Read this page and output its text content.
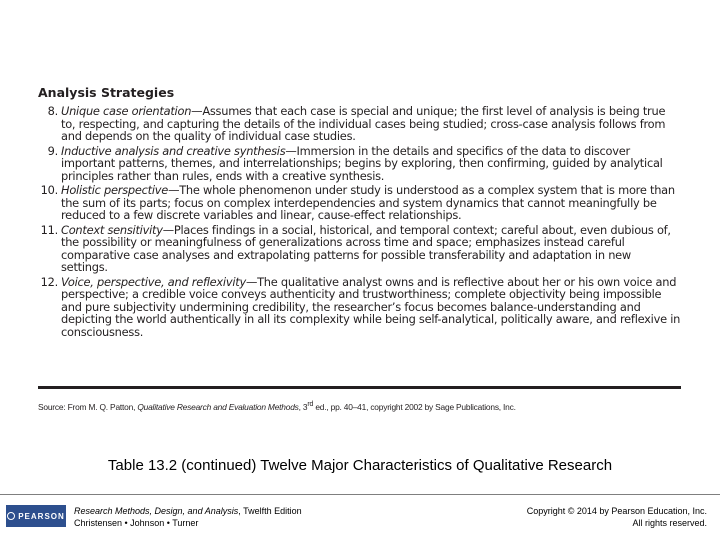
Analysis Strategies
8. Unique case orientation—Assumes that each case is special and unique; the first level of analysis is being true to, respecting, and capturing the details of the individual cases being studied; cross-case analysis follows from and depends on the quality of individual case studies.
9. Inductive analysis and creative synthesis—Immersion in the details and specifics of the data to discover important patterns, themes, and interrelationships; begins by exploring, then confirming, guided by analytical principles rather than rules, ends with a creative synthesis.
10. Holistic perspective—The whole phenomenon under study is understood as a complex system that is more than the sum of its parts; focus on complex interdependencies and system dynamics that cannot meaningfully be reduced to a few discrete variables and linear, cause-effect relationships.
11. Context sensitivity—Places findings in a social, historical, and temporal context; careful about, even dubious of, the possibility or meaningfulness of generalizations across time and space; emphasizes instead careful comparative case analyses and extrapolating patterns for possible transferability and adaptation in new settings.
12. Voice, perspective, and reflexivity—The qualitative analyst owns and is reflective about her or his own voice and perspective; a credible voice conveys authenticity and trustworthiness; complete objectivity being impossible and pure subjectivity undermining credibility, the researcher’s focus becomes balance-understanding and depicting the world authentically in all its complexity while being self-analytical, politically aware, and reflexive in consciousness.
Source: From M. Q. Patton, Qualitative Research and Evaluation Methods, 3rd ed., pp. 40–41, copyright 2002 by Sage Publications, Inc.
Table 13.2 (continued) Twelve Major Characteristics of Qualitative Research
PEARSON Research Methods, Design, and Analysis, Twelfth Edition
Christensen • Johnson • Turner
Copyright © 2014 by Pearson Education, Inc.
All rights reserved.
